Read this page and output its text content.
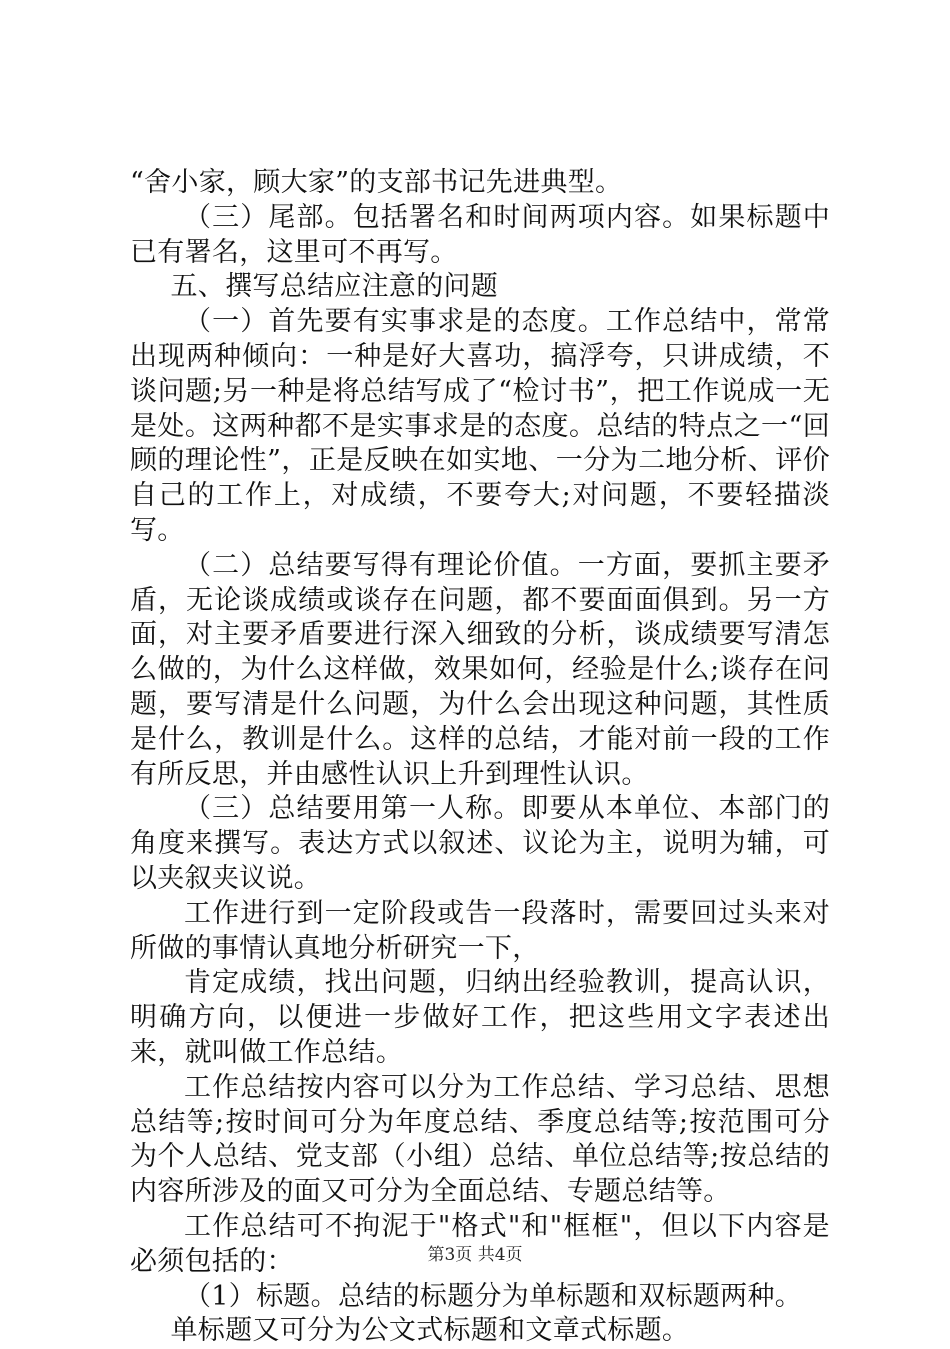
“舍小家，顾大家”的支部书记先进典型。

（三）尾部。包括署名和时间两项内容。如果标题中已有署名，这里可不再写。

五、撰写总结应注意的问题

（一）首先要有实事求是的态度。工作总结中，常常出现两种倾向：一种是好大喜功，搞浮夸，只讲成绩，不谈问题;另一种是将总结写成了“检讨书”，把工作说成一无是处。这两种都不是实事求是的态度。总结的特点之一“回顾的理论性”，正是反映在如实地、一分为二地分析、评价自己的工作上，对成绩，不要夸大;对问题，不要轻描淡写。

（二）总结要写得有理论价值。一方面，要抓主要矛盾，无论谈成绩或谈存在问题，都不要面面俱到。另一方面，对主要矛盾要进行深入细致的分析，谈成绩要写清怎么做的，为什么这样做，效果如何，经验是什么;谈存在问题，要写清是什么问题，为什么会出现这种问题，其性质是什么，教训是什么。这样的总结，才能对前一段的工作有所反思，并由感性认识上升到理性认识。

（三）总结要用第一人称。即要从本单位、本部门的角度来撰写。表达方式以叙述、议论为主，说明为辅，可以夹叙夹议说。

工作进行到一定阶段或告一段落时，需要回过头来对所做的事情认真地分析研究一下，

肯定成绩，找出问题，归纳出经验教训，提高认识，明确方向，以便进一步做好工作，把这些用文字表述出来，就叫做工作总结。

工作总结按内容可以分为工作总结、学习总结、思想总结等;按时间可分为年度总结、季度总结等;按范围可分为个人总结、党支部（小组）总结、单位总结等;按总结的内容所涉及的面又可分为全面总结、专题总结等。

工作总结可不拘泥于"格式"和"框框"，但以下内容是必须包括的：

（1）标题。总结的标题分为单标题和双标题两种。

单标题又可分为公文式标题和文章式标题。

第3页 共4页
